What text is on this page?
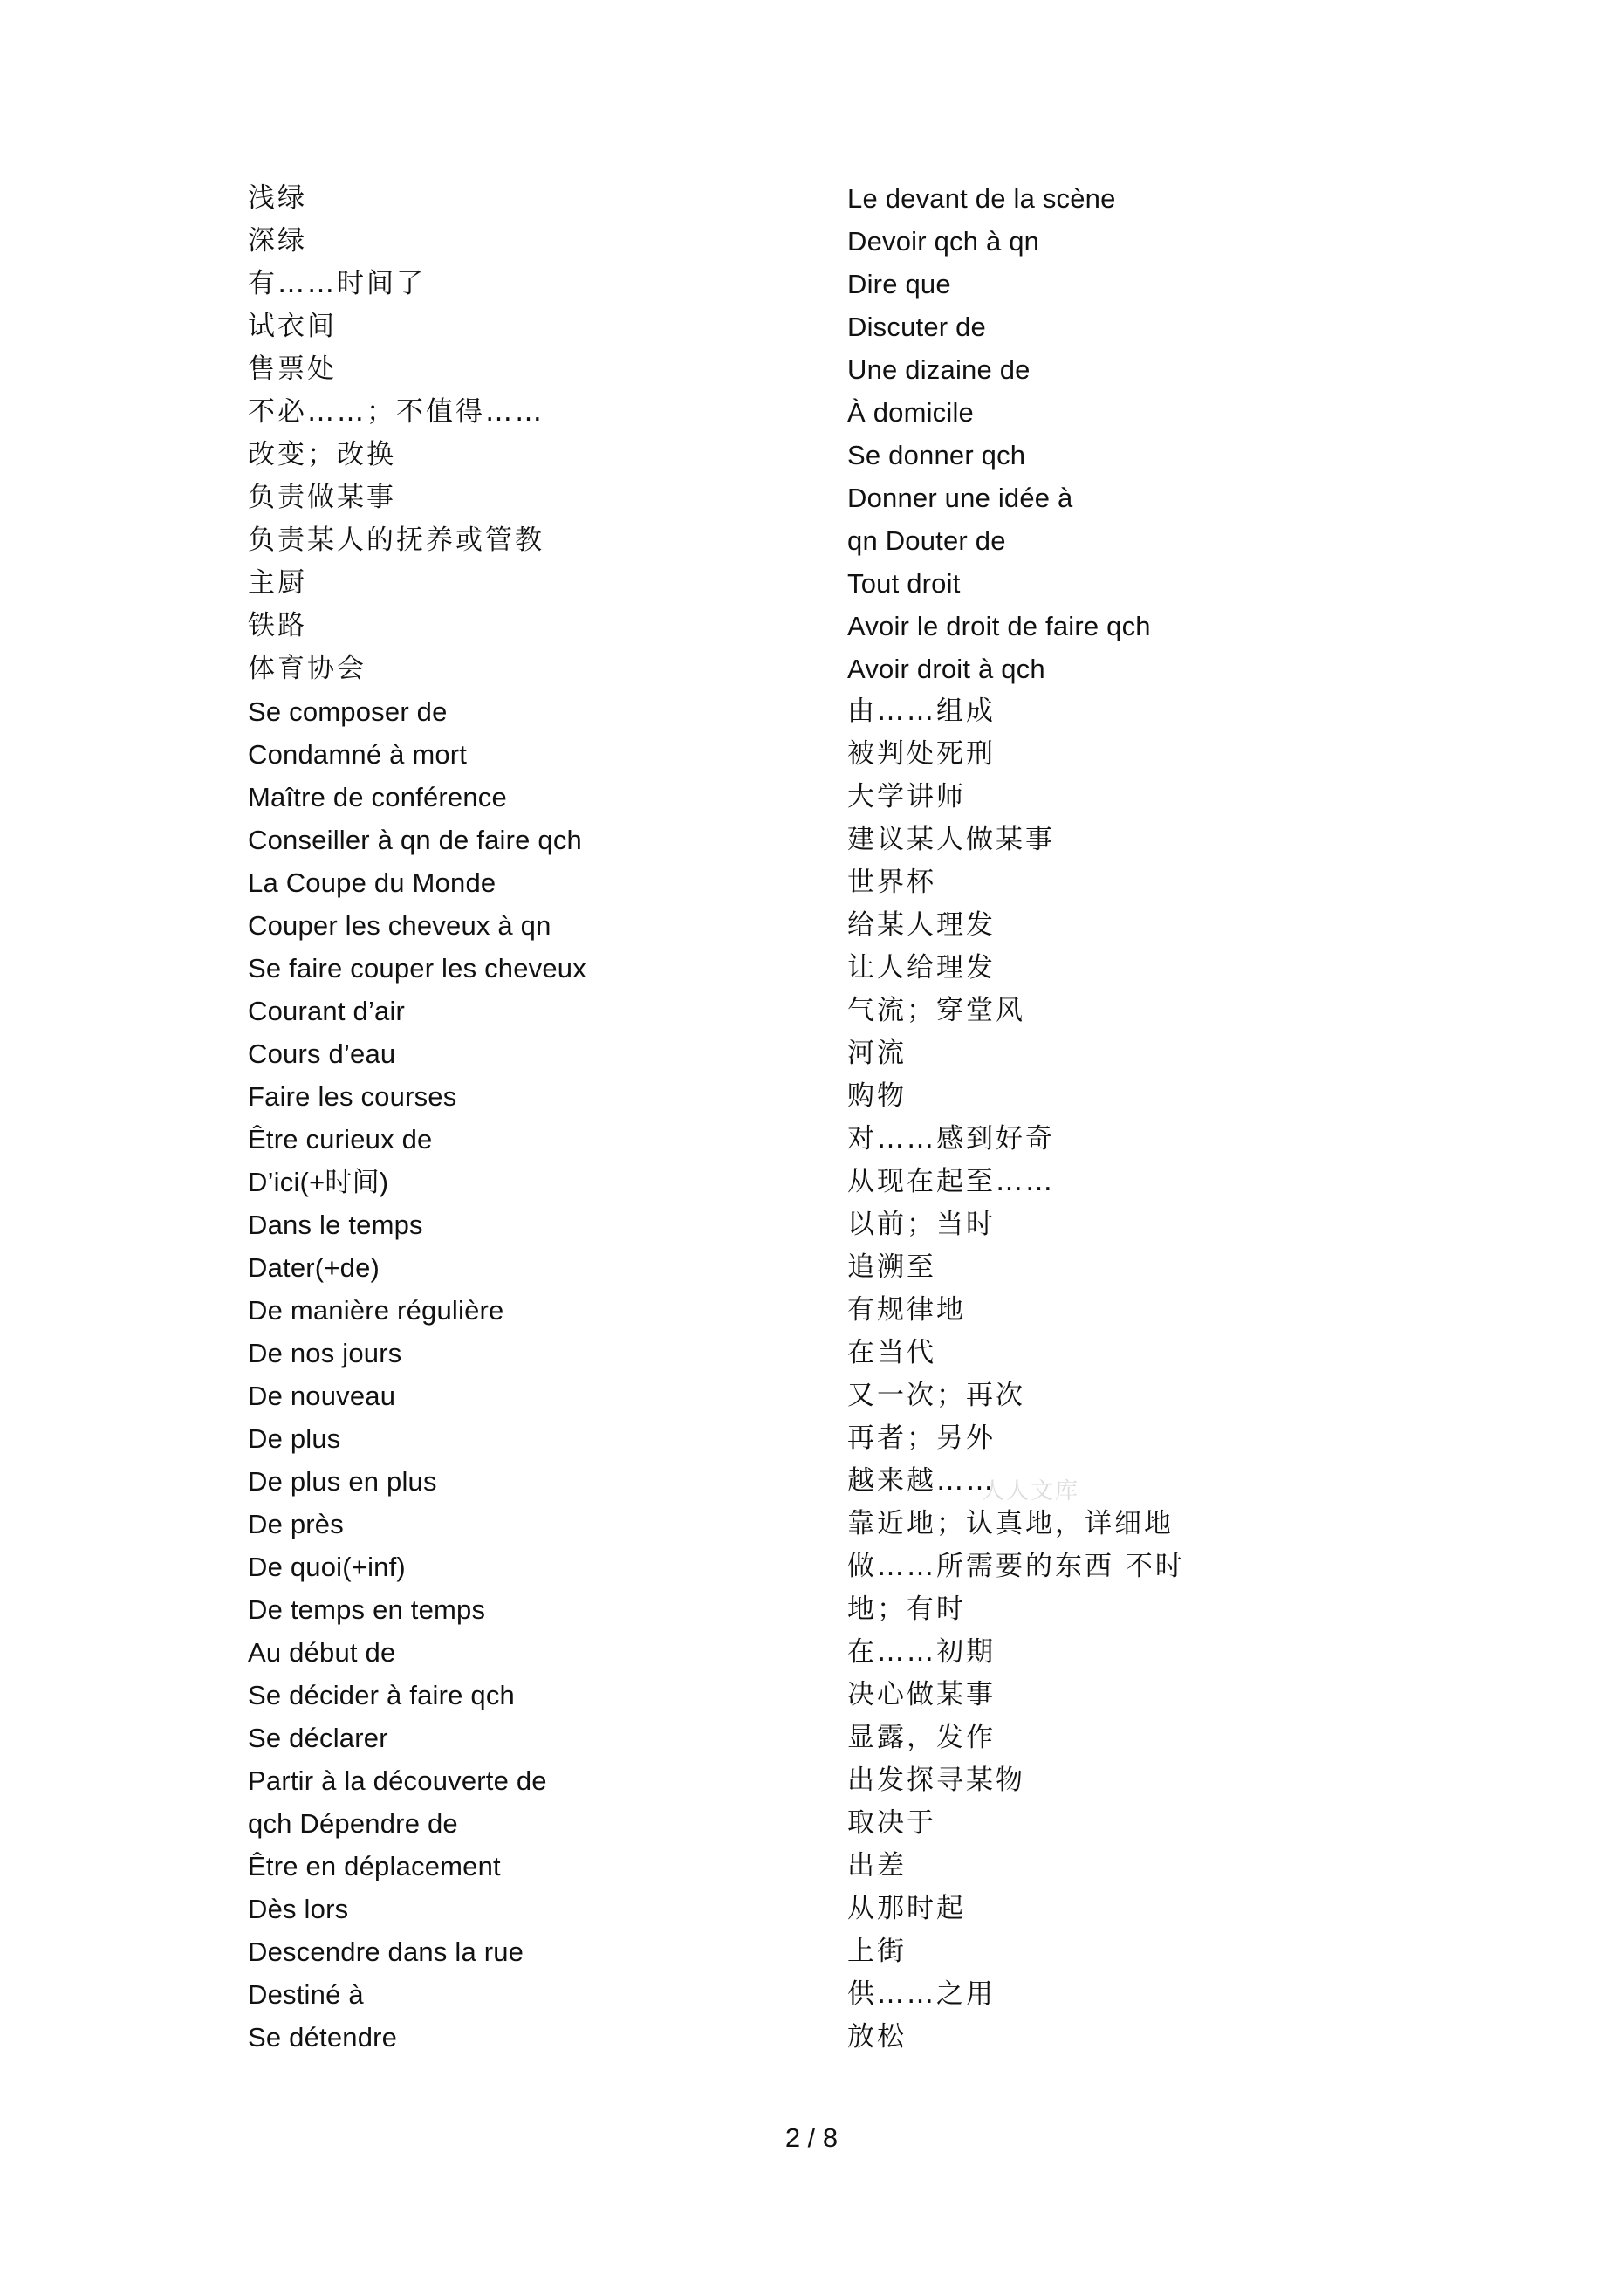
浅绿
深绿
有……时间了
试衣间
售票处
不必……；不值得……
改变；改换
负责做某事
负责某人的抚养或管教
主厨
铁路
体育协会
Se composer de
Condamné à mort
Maître de conférence
Conseiller à qn de faire qch
La Coupe du Monde
Couper les cheveux à qn
Se faire couper les cheveux
Courant d’air
Cours d’eau
Faire les courses
Être curieux de
D’ici(+时间)
Dans le temps
Dater(+de)
De manière régulière
De nos jours
De nouveau
De plus
De plus en plus
De près
De quoi(+inf)
De temps en temps
Au début de
Se décider à faire qch
Se déclarer
Partir à la découverte de
qch Dépendre de
Être en déplacement
Dès lors
Descendre dans la rue
Destiné à
Se détendre
Le devant de la scène
Devoir qch à qn
Dire que
Discuter de
Une dizaine de
À domicile
Se donner qch
Donner une idée à
qn Douter de
Tout droit
Avoir le droit de faire qch
Avoir droit à qch
由……组成
被判处死刑
大学讲师
建议某人做某事
世界杯
给某人理发
让人给理发
气流；穿堂风
河流
购物
对……感到好奇
从现在起至……
以前；当时
追溯至
有规律地
在当代
又一次；再次
再者；另外
越来越……
靠近地；认真地，详细地
做……所需要的东西 不时
地；有时
在……初期
决心做某事
显露，发作
出发探寻某物
取决于
出差
从那时起
上街
供……之用
放松
人人文库
2 / 8
